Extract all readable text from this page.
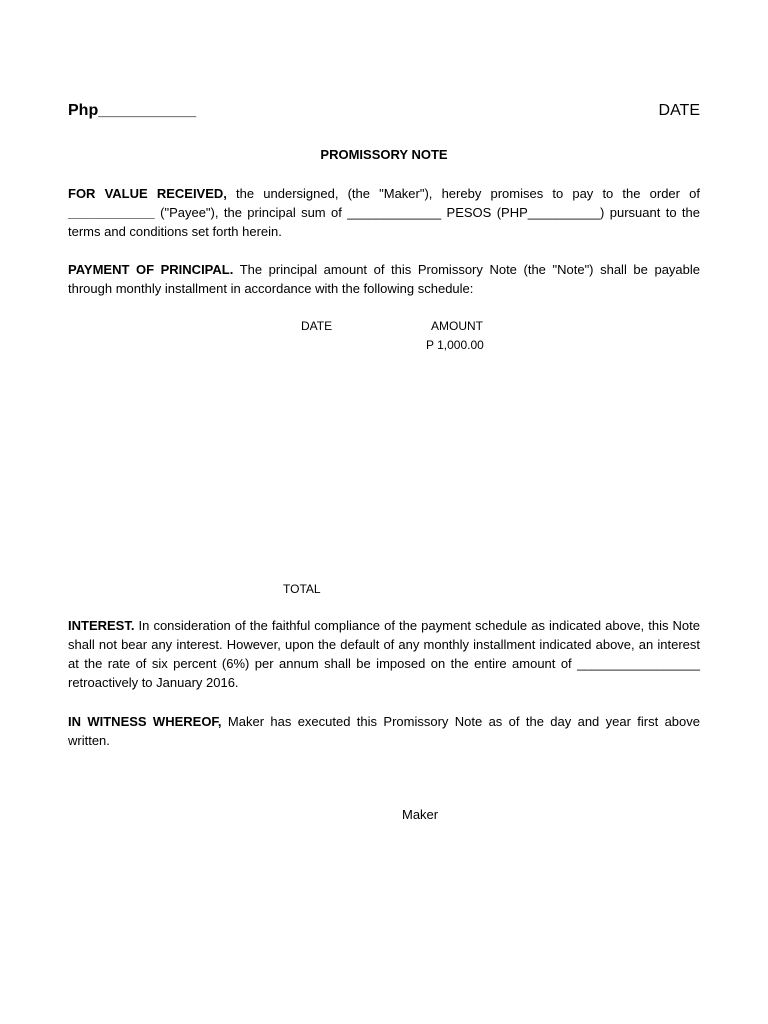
Php___________	DATE
PROMISSORY NOTE
FOR VALUE RECEIVED, the undersigned, (the "Maker"), hereby promises to pay to the order of ____________ ("Payee"), the principal sum of _____________ PESOS (PHP__________) pursuant to the terms and conditions set forth herein.
PAYMENT OF PRINCIPAL. The principal amount of this Promissory Note (the "Note") shall be payable through monthly installment in accordance with the following schedule:
DATE	AMOUNT
P 1,000.00
TOTAL
INTEREST. In consideration of the faithful compliance of the payment schedule as indicated above, this Note shall not bear any interest. However, upon the default of any monthly installment indicated above, an interest at the rate of six percent (6%) per annum shall be imposed on the entire amount of _________________ retroactively to January 2016.
IN WITNESS WHEREOF, Maker has executed this Promissory Note as of the day and year first above written.
Maker
